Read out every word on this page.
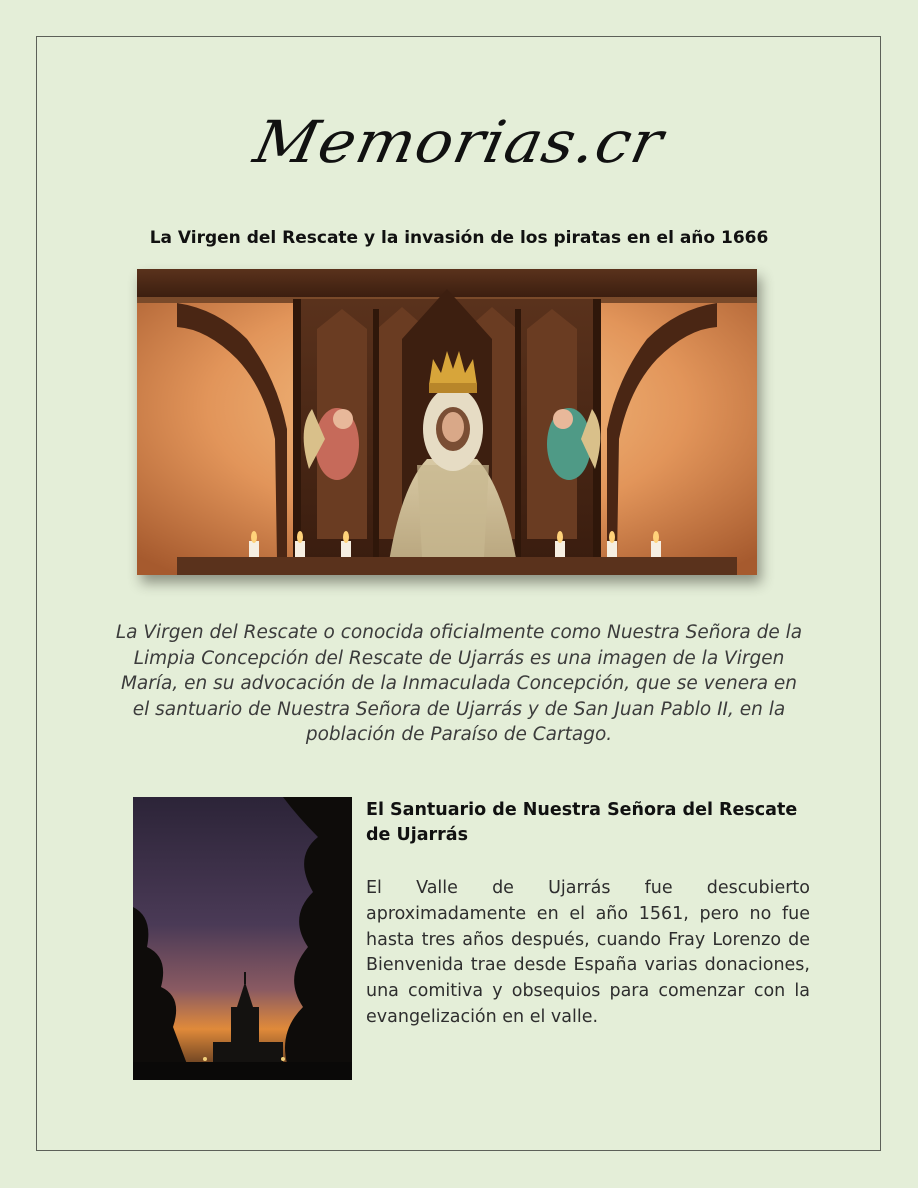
Memorias.cr
La Virgen del Rescate y la invasión de los piratas en el año 1666
La Virgen del Rescate o conocida oficialmente como Nuestra Señora de la Limpia Concepción del Rescate de Ujarrás es una imagen de la Virgen María, en su advocación de la Inmaculada Concepción, que se venera en el santuario de Nuestra Señora de Ujarrás y de San Juan Pablo II, en la población de Paraíso de Cartago.
El Santuario de Nuestra Señora del Rescate de Ujarrás
El Valle de Ujarrás fue descubierto aproximadamente en el año 1561, pero no fue hasta tres años después, cuando Fray Lorenzo de Bienvenida trae desde España varias donaciones, una comitiva y obsequios para comenzar con la evangelización en el valle.
